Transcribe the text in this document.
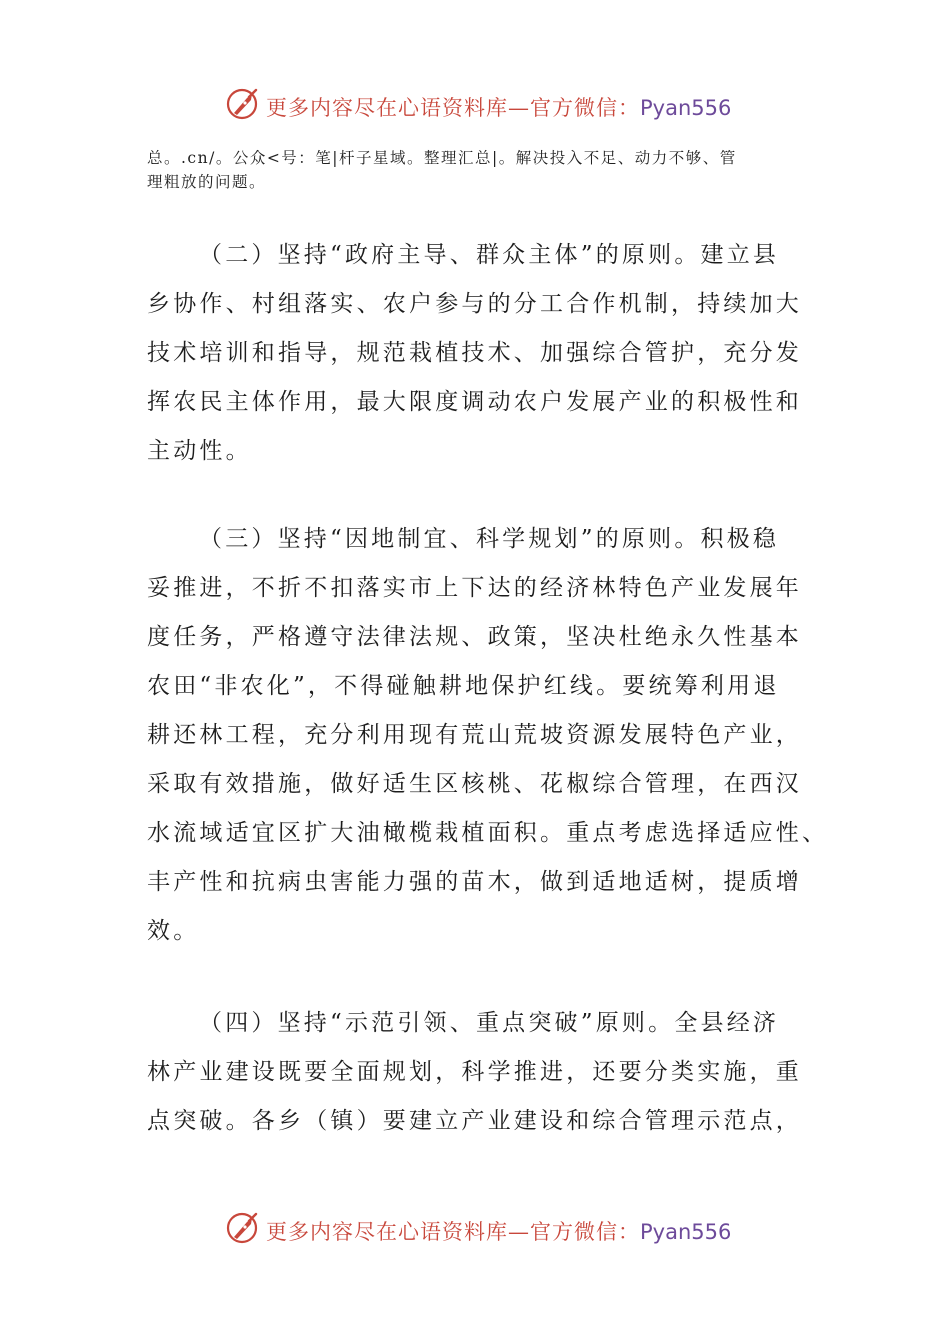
更多内容尽在心语资料库—官方微信：Pyan556
总。.cn/。公众<号：笔|杆子星域。整理汇总|。解决投入不足、动力不够、管
理粗放的问题。
（二）坚持“政府主导、群众主体”的原则。建立县
乡协作、村组落实、农户参与的分工合作机制，持续加大
技术培训和指导，规范栽植技术、加强综合管护，充分发
挥农民主体作用，最大限度调动农户发展产业的积极性和
主动性。
（三）坚持“因地制宜、科学规划”的原则。积极稳
妥推进，不折不扣落实市上下达的经济林特色产业发展年
度任务，严格遵守法律法规、政策，坚决杜绝永久性基本
农田“非农化”，不得碰触耕地保护红线。要统筹利用退
耕还林工程，充分利用现有荒山荒坡资源发展特色产业，
采取有效措施，做好适生区核桃、花椒综合管理，在西汉
水流域适宜区扩大油橄榄栽植面积。重点考虑选择适应性、
丰产性和抗病虫害能力强的苗木，做到适地适树，提质增
效。
（四）坚持“示范引领、重点突破”原则。全县经济
林产业建设既要全面规划，科学推进，还要分类实施，重
点突破。各乡（镇）要建立产业建设和综合管理示范点，
更多内容尽在心语资料库—官方微信：Pyan556
